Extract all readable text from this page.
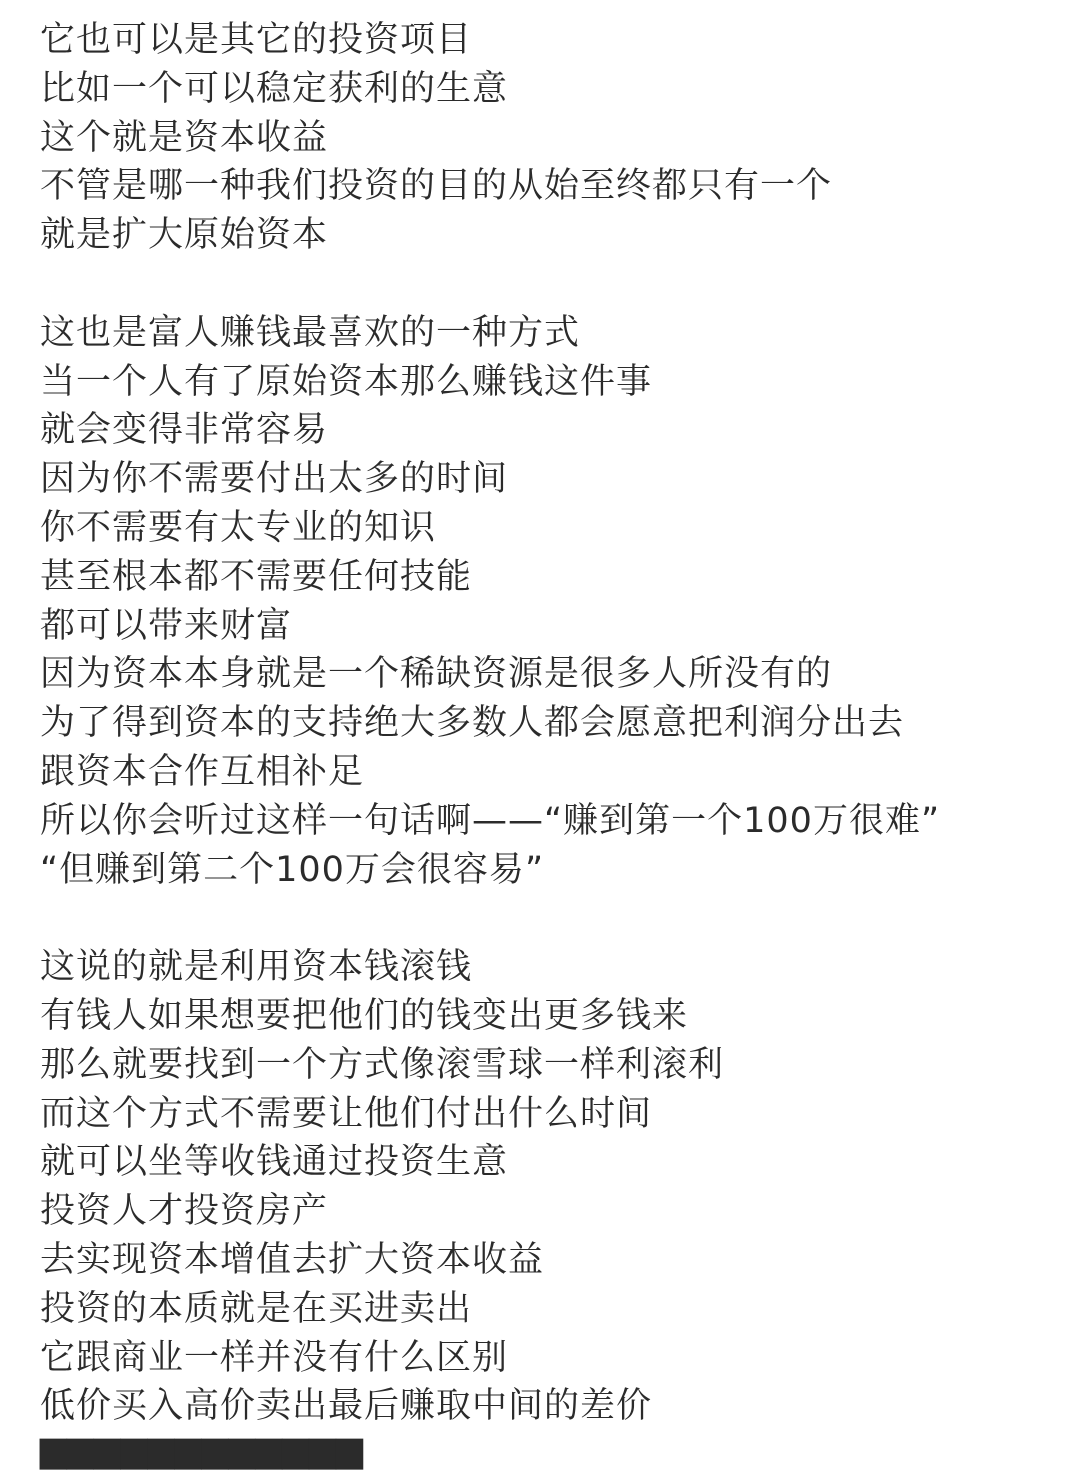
它也可以是其它的投资项目
比如一个可以稳定获利的生意
这个就是资本收益
不管是哪一种我们投资的目的从始至终都只有一个
就是扩大原始资本
这也是富人赚钱最喜欢的一种方式
当一个人有了原始资本那么赚钱这件事
就会变得非常容易
因为你不需要付出太多的时间
你不需要有太专业的知识
甚至根本都不需要任何技能
都可以带来财富
因为资本本身就是一个稀缺资源是很多人所没有的
为了得到资本的支持绝大多数人都会愿意把利润分出去
跟资本合作互相补足
所以你会听过这样一句话啊——“赚到第一个100万很难”
“但赚到第二个100万会很容易”
这说的就是利用资本钱滚钱
有钱人如果想要把他们的钱变出更多钱来
那么就要找到一个方式像滚雪球一样利滚利
而这个方式不需要让他们付出什么时间
就可以坐等收钱通过投资生意
投资人才投资房产
去实现资本增值去扩大资本收益
投资的本质就是在买进卖出
它跟商业一样并没有什么区别
低价买入高价卖出最后赚取中间的差价
▆▆▆▆▆▆▆▆▆▆▆▆
